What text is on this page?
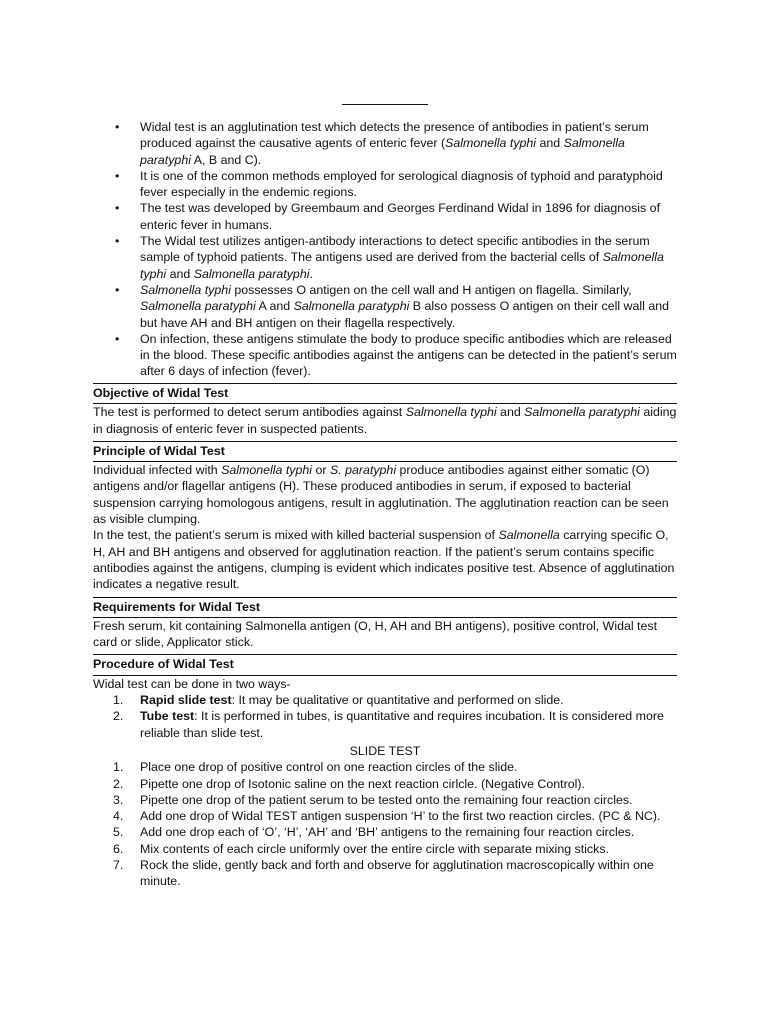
• Widal test is an agglutination test which detects the presence of antibodies in patient’s serum produced against the causative agents of enteric fever (Salmonella typhi and Salmonella paratyphi A, B and C).
• It is one of the common methods employed for serological diagnosis of typhoid and paratyphoid fever especially in the endemic regions.
• The test was developed by Greembaum and Georges Ferdinand Widal in 1896 for diagnosis of enteric fever in humans.
• The Widal test utilizes antigen-antibody interactions to detect specific antibodies in the serum sample of typhoid patients. The antigens used are derived from the bacterial cells of Salmonella typhi and Salmonella paratyphi.
• Salmonella typhi possesses O antigen on the cell wall and H antigen on flagella. Similarly, Salmonella paratyphi A and Salmonella paratyphi B also possess O antigen on their cell wall and but have AH and BH antigen on their flagella respectively.
• On infection, these antigens stimulate the body to produce specific antibodies which are released in the blood. These specific antibodies against the antigens can be detected in the patient’s serum after 6 days of infection (fever).
Objective of Widal Test

The test is performed to detect serum antibodies against Salmonella typhi and Salmonella paratyphi aiding in diagnosis of enteric fever in suspected patients.

Principle of Widal Test

Individual infected with Salmonella typhi or S. paratyphi produce antibodies against either somatic (O) antigens and/or flagellar antigens (H). These produced antibodies in serum, if exposed to bacterial suspension carrying homologous antigens, result in agglutination. The agglutination reaction can be seen as visible clumping.

In the test, the patient’s serum is mixed with killed bacterial suspension of Salmonella carrying specific O, H, AH and BH antigens and observed for agglutination reaction. If the patient’s serum contains specific antibodies against the antigens, clumping is evident which indicates positive test. Absence of agglutination indicates a negative result.

Requirements for Widal Test

Fresh serum, kit containing Salmonella antigen (O, H, AH and BH antigens), positive control, Widal test card or slide, Applicator stick.

Procedure of Widal Test

Widal test can be done in two ways-

1. Rapid slide test: It may be qualitative or quantitative and performed on slide.
2. Tube test: It is performed in tubes, is quantitative and requires incubation. It is considered more reliable than slide test.
SLIDE TEST
1. Place one drop of positive control on one reaction circles of the slide.
2. Pipette one drop of Isotonic saline on the next reaction cirlcle. (Negative Control).
3. Pipette one drop of the patient serum to be tested onto the remaining four reaction circles.
4. Add one drop of Widal TEST antigen suspension ‘H’ to the first two reaction circles. (PC & NC).
5. Add one drop each of ‘O’, ‘H’, ‘AH’ and ‘BH’ antigens to the remaining four reaction circles.
6. Mix contents of each circle uniformly over the entire circle with separate mixing sticks.
7. Rock the slide, gently back and forth and observe for agglutination macroscopically within one minute.
